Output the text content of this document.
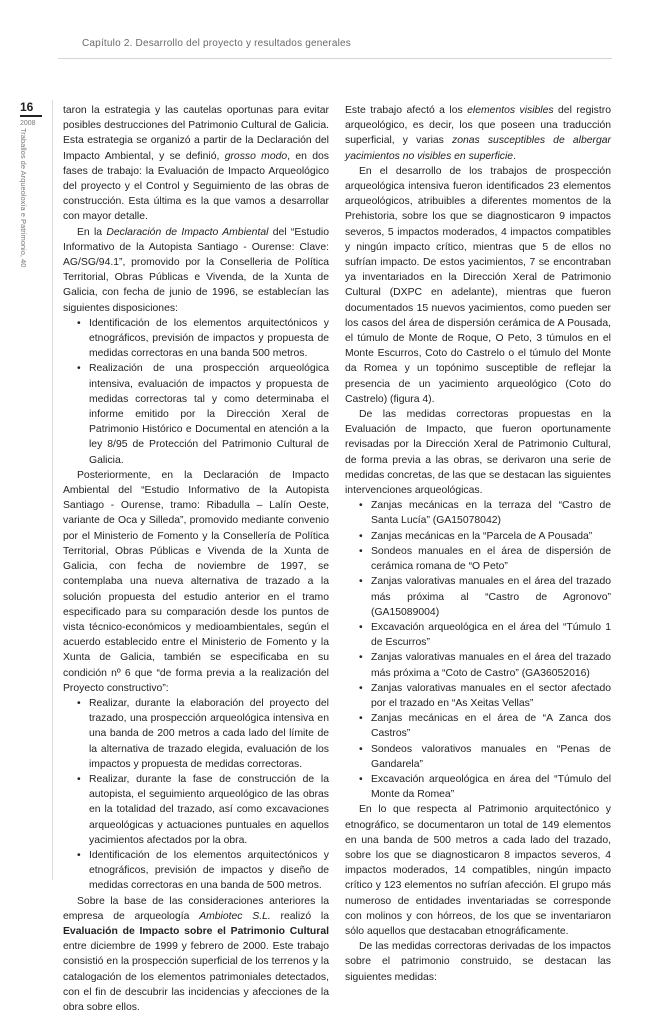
Capítulo 2. Desarrollo del proyecto y resultados generales
16
2008
Traballos de Arqueoloxía e Patrimonio, 40

taron la estrategia y las cautelas oportunas para evitar posibles destrucciones del Patrimonio Cultural de Galicia. Esta estrategia se organizó a partir de la Declaración del Impacto Ambiental, y se definió, grosso modo, en dos fases de trabajo: la Evaluación de Impacto Arqueológico del proyecto y el Control y Seguimiento de las obras de construcción. Esta última es la que vamos a desarrollar con mayor detalle.

En la Declaración de Impacto Ambiental del “Estudio Informativo de la Autopista Santiago - Ourense: Clave: AG/SG/94.1”, promovido por la Conselleria de Política Territorial, Obras Públicas e Vivenda, de la Xunta de Galicia, con fecha de junio de 1996, se establecían las siguientes disposiciones:

• Identificación de los elementos arquitectónicos y etnográficos, previsión de impactos y propuesta de medidas correctoras en una banda 500 metros.
• Realización de una prospección arqueológica intensiva, evaluación de impactos y propuesta de medidas correctoras tal y como determinaba el informe emitido por la Dirección Xeral de Patrimonio Histórico e Documental en atención a la ley 8/95 de Protección del Patrimonio Cultural de Galicia.

Posteriormente, en la Declaración de Impacto Ambiental del “Estudio Informativo de la Autopista Santiago - Ourense, tramo: Ribadulla – Lalín Oeste, variante de Oca y Silleda”, promovido mediante convenio por el Ministerio de Fomento y la Consellería de Política Territorial, Obras Públicas e Vivenda de la Xunta de Galicia, con fecha de noviembre de 1997, se contemplaba una nueva alternativa de trazado a la solución propuesta del estudio anterior en el tramo especificado para su comparación desde los puntos de vista técnico-económicos y medioambientales, según el acuerdo establecido entre el Ministerio de Fomento y la Xunta de Galicia, también se especificaba en su condición nº 6 que “de forma previa a la realización del Proyecto constructivo”:

• Realizar, durante la elaboración del proyecto del trazado, una prospección arqueológica intensiva en una banda de 200 metros a cada lado del límite de la alternativa de trazado elegida, evaluación de los impactos y propuesta de medidas correctoras.
• Realizar, durante la fase de construcción de la autopista, el seguimiento arqueológico de las obras en la totalidad del trazado, así como excavaciones arqueológicas y actuaciones puntuales en aquellos yacimientos afectados por la obra.
• Identificación de los elementos arquitectónicos y etnográficos, previsión de impactos y diseño de medidas correctoras en una banda de 500 metros.

Sobre la base de las consideraciones anteriores la empresa de arqueología Ambiotec S.L. realizó la Evaluación de Impacto sobre el Patrimonio Cultural entre diciembre de 1999 y febrero de 2000. Este trabajo consistió en la prospección superficial de los terrenos y la catalogación de los elementos patrimoniales detectados, con el fin de descubrir las incidencias y afecciones de la obra sobre ellos.

Este trabajo afectó a los elementos visibles del registro arqueológico, es decir, los que poseen una traducción superficial, y varias zonas susceptibles de albergar yacimientos no visibles en superficie.

En el desarrollo de los trabajos de prospección arqueológica intensiva fueron identificados 23 elementos arqueológicos, atribuibles a diferentes momentos de la Prehistoria, sobre los que se diagnosticaron 9 impactos severos, 5 impactos moderados, 4 impactos compatibles y ningún impacto crítico, mientras que 5 de ellos no sufrían impacto. De estos yacimientos, 7 se encontraban ya inventariados en la Dirección Xeral de Patrimonio Cultural (DXPC en adelante), mientras que fueron documentados 15 nuevos yacimientos, como pueden ser los casos del área de dispersión cerámica de A Pousada, el túmulo de Monte de Roque, O Peto, 3 túmulos en el Monte Escurros, Coto do Castrelo o el túmulo del Monte da Romea y un topónimo susceptible de reflejar la presencia de un yacimiento arqueológico (Coto do Castrelo) (figura 4).

De las medidas correctoras propuestas en la Evaluación de Impacto, que fueron oportunamente revisadas por la Dirección Xeral de Patrimonio Cultural, de forma previa a las obras, se derivaron una serie de medidas concretas, de las que se destacan las siguientes intervenciones arqueológicas.

• Zanjas mecánicas en la terraza del “Castro de Santa Lucía” (GA15078042)
• Zanjas mecánicas en la “Parcela de A Pousada”
• Sondeos manuales en el área de dispersión de cerámica romana de “O Peto”
• Zanjas valorativas manuales en el área del trazado más próxima al “Castro de Agronovo” (GA15089004)
• Excavación arqueológica en el área del “Túmulo 1 de Escurros”
• Zanjas valorativas manuales en el área del trazado más próxima a “Coto de Castro” (GA36052016)
• Zanjas valorativas manuales en el sector afectado por el trazado en “As Xeitas Vellas”
• Zanjas mecánicas en el área de “A Zanca dos Castros”
• Sondeos valorativos manuales en “Penas de Gandarela”
• Excavación arqueológica en área del “Túmulo del Monte da Romea”

En lo que respecta al Patrimonio arquitectónico y etnográfico, se documentaron un total de 149 elementos en una banda de 500 metros a cada lado del trazado, sobre los que se diagnosticaron 8 impactos severos, 4 impactos moderados, 14 compatibles, ningún impacto crítico y 123 elementos no sufrían afección. El grupo más numeroso de entidades inventariadas se corresponde con molinos y con hórreos, de los que se inventariaron sólo aquellos que destacaban etnográficamente.

De las medidas correctoras derivadas de los impactos sobre el patrimonio construido, se destacan las siguientes medidas:
